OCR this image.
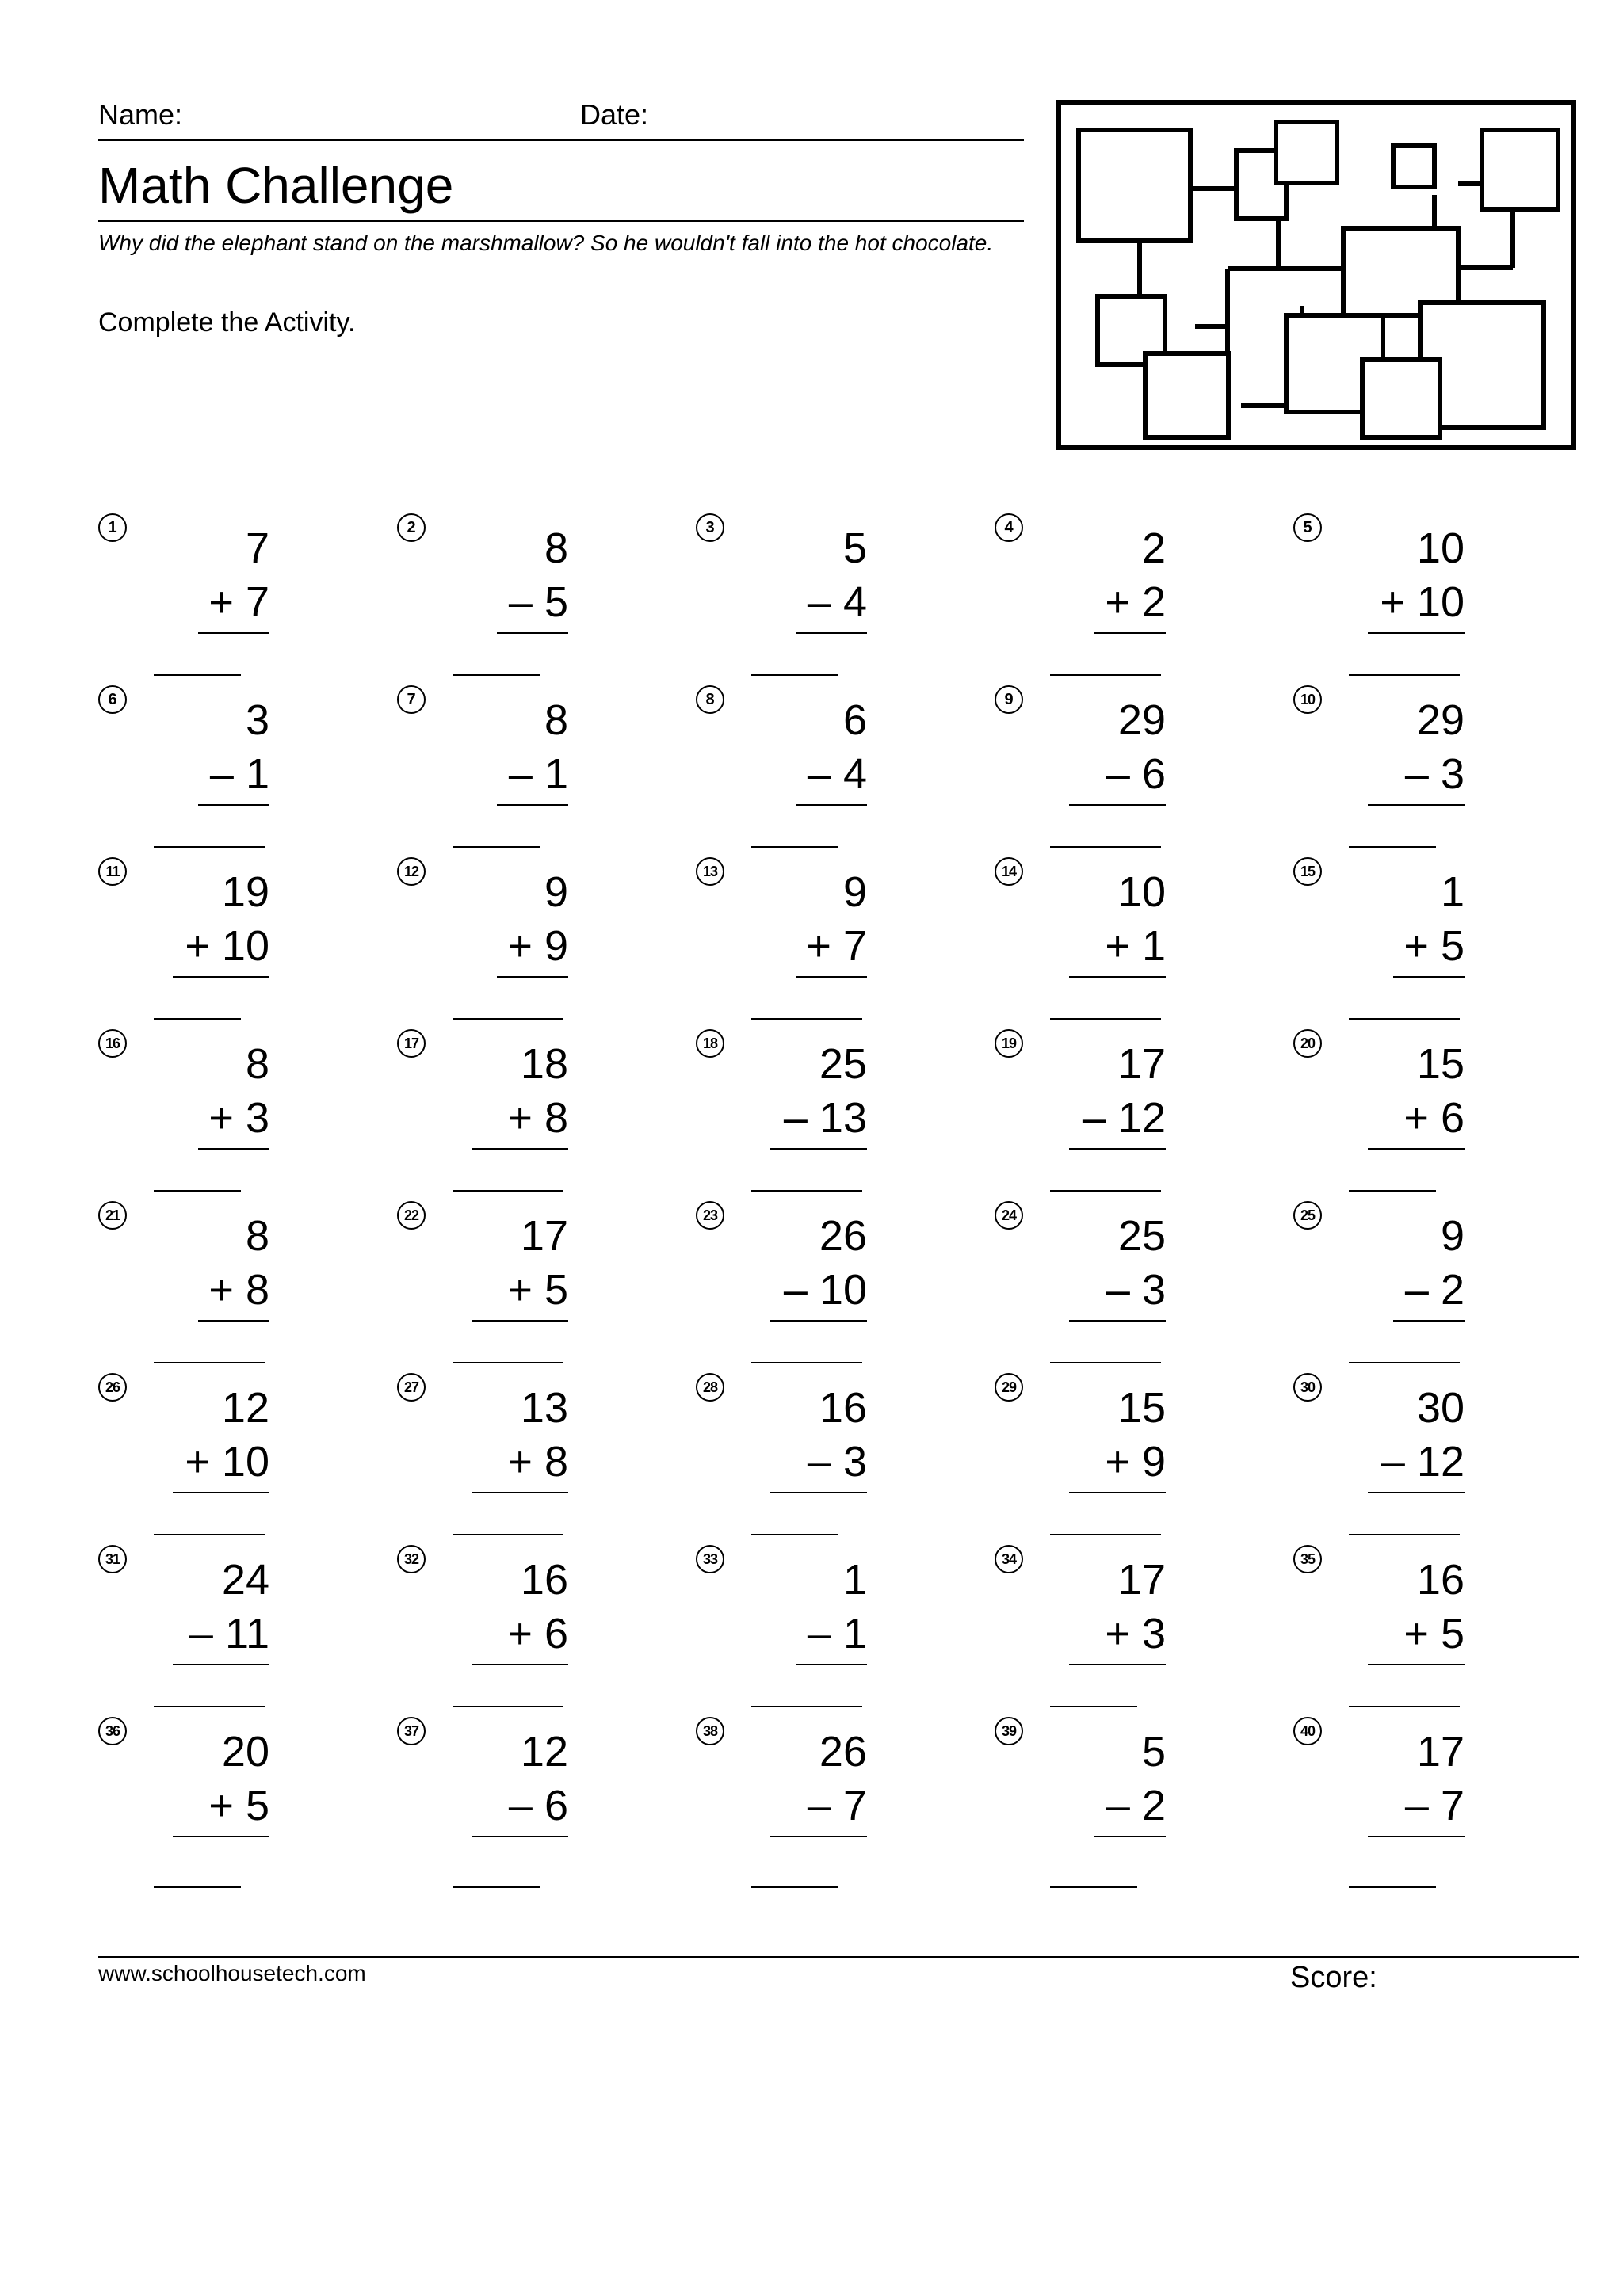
Name:	Date:
Math Challenge
Why did the elephant stand on the marshmallow? So he wouldn't fall into the hot chocolate.
Complete the Activity.
1	7
+ 7
2	8
– 5
3	5
– 4
4	2
+ 2
5	10
+ 10
6	3
– 1
7	8
– 1
8	6
– 4
9	29
– 6
10	29
– 3
11	19
+ 10
12	9
+ 9
13	9
+ 7
14	10
+ 1
15	1
+ 5
16	8
+ 3
17	18
+ 8
18	25
– 13
19	17
– 12
20	15
+ 6
21	8
+ 8
22	17
+ 5
23	26
– 10
24	25
– 3
25	9
– 2
26	12
+ 10
27	13
+ 8
28	16
– 3
29	15
+ 9
30	30
– 12
31	24
– 11
32	16
+ 6
33	1
– 1
34	17
+ 3
35	16
+ 5
36	20
+ 5
37	12
– 6
38	26
– 7
39	5
– 2
40	17
– 7
www.schoolhousetech.com	Score:
